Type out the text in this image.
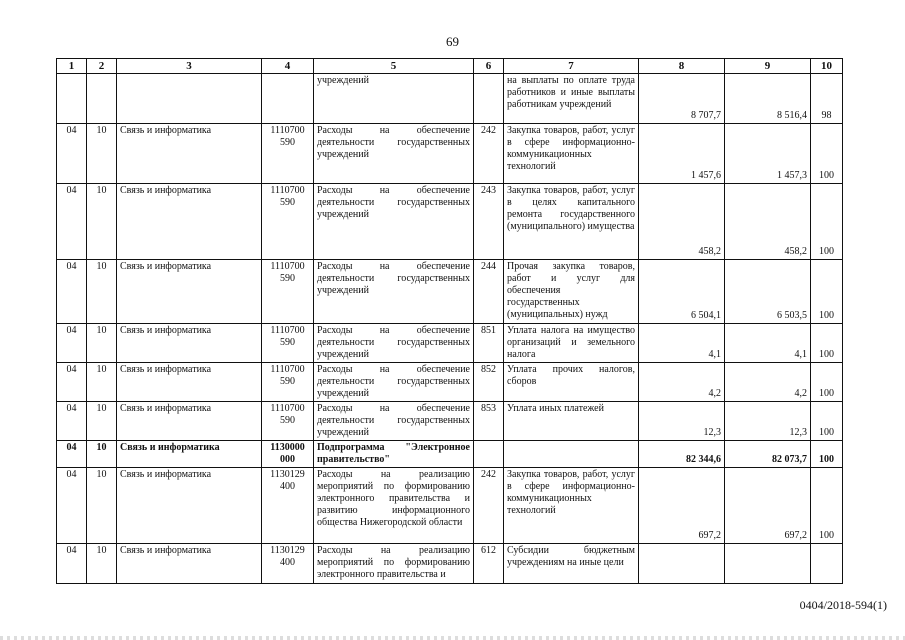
69
1	2	3	4	5	6	7	8	9	10
				учреждений		на выплаты по оплате труда работников и иные выплаты работникам учреждений	8 707,7	8 516,4	98
04	10	Связь и информатика	1110700 590	Расходы на обеспечение деятельности государственных учреждений	242	Закупка товаров, работ, услуг в сфере информационно-коммуникационных технологий	1 457,6	1 457,3	100
04	10	Связь и информатика	1110700 590	Расходы на обеспечение деятельности государственных учреждений	243	Закупка товаров, работ, услуг в целях капитального ремонта государственного (муниципального) имущества	458,2	458,2	100
04	10	Связь и информатика	1110700 590	Расходы на обеспечение деятельности государственных учреждений	244	Прочая закупка товаров, работ и услуг для обеспечения государственных (муниципальных) нужд	6 504,1	6 503,5	100
04	10	Связь и информатика	1110700 590	Расходы на обеспечение деятельности государственных учреждений	851	Уплата налога на имущество организаций и земельного налога	4,1	4,1	100
04	10	Связь и информатика	1110700 590	Расходы на обеспечение деятельности государственных учреждений	852	Уплата прочих налогов, сборов	4,2	4,2	100
04	10	Связь и информатика	1110700 590	Расходы на обеспечение деятельности государственных учреждений	853	Уплата иных платежей	12,3	12,3	100
04	10	Связь и информатика	1130000 000	Подпрограмма "Электронное правительство"			82 344,6	82 073,7	100
04	10	Связь и информатика	1130129 400	Расходы на реализацию мероприятий по формированию электронного правительства и развитию информационного общества Нижегородской области	242	Закупка товаров, работ, услуг в сфере информационно-коммуникационных технологий	697,2	697,2	100
04	10	Связь и информатика	1130129 400	Расходы на реализацию мероприятий по формированию электронного правительства и	612	Субсидии бюджетным учреждениям на иные цели			
0404/2018-594(1)
